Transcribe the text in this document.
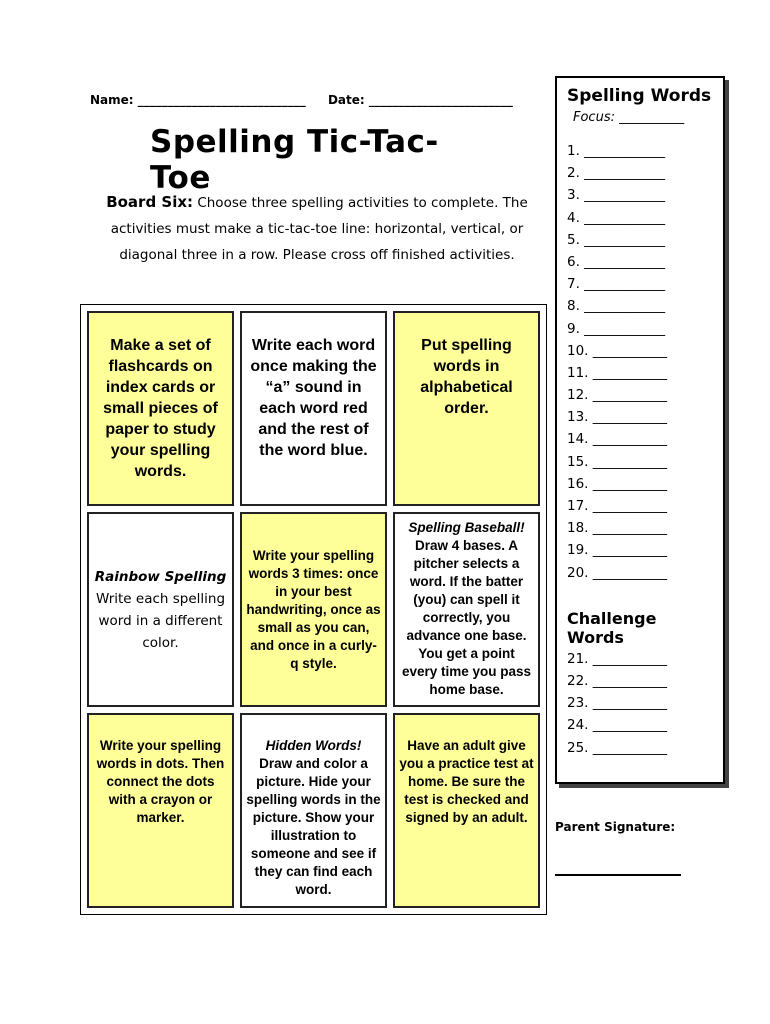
Name: ____________________________ Date: ________________________
Spelling Tic-Tac-Toe
Board Six: Choose three spelling activities to complete. The activities must make a tic-tac-toe line: horizontal, vertical, or diagonal three in a row. Please cross off finished activities.
Make a set of flashcards on index cards or small pieces of paper to study your spelling words.
Write each word once making the “a” sound in each word red and the rest of the word blue.
Put spelling words in alphabetical order.
Rainbow Spelling
Write each spelling word in a different color.
Write your spelling words 3 times: once in your best handwriting, once as small as you can, and once in a curly-q style.
Spelling Baseball!
Draw 4 bases. A pitcher selects a word. If the batter (you) can spell it correctly, you advance one base. You get a point every time you pass home base.
Write your spelling words in dots. Then connect the dots with a crayon or marker.
Hidden Words!
Draw and color a picture. Hide your spelling words in the picture. Show your illustration to someone and see if they can find each word.
Have an adult give you a practice test at home. Be sure the test is checked and signed by an adult.
Spelling Words
Focus: __________
1. ____________
2. ____________
3. ____________
4. ____________
5. ____________
6. ____________
7. ____________
8. ____________
9. ____________
10. ___________
11. ___________
12. ___________
13. ___________
14. ___________
15. ___________
16. ___________
17. ___________
18. ___________
19. ___________
20. ___________
Challenge Words
21. ___________
22. ___________
23. ___________
24. ___________
25. ___________
Parent Signature:
